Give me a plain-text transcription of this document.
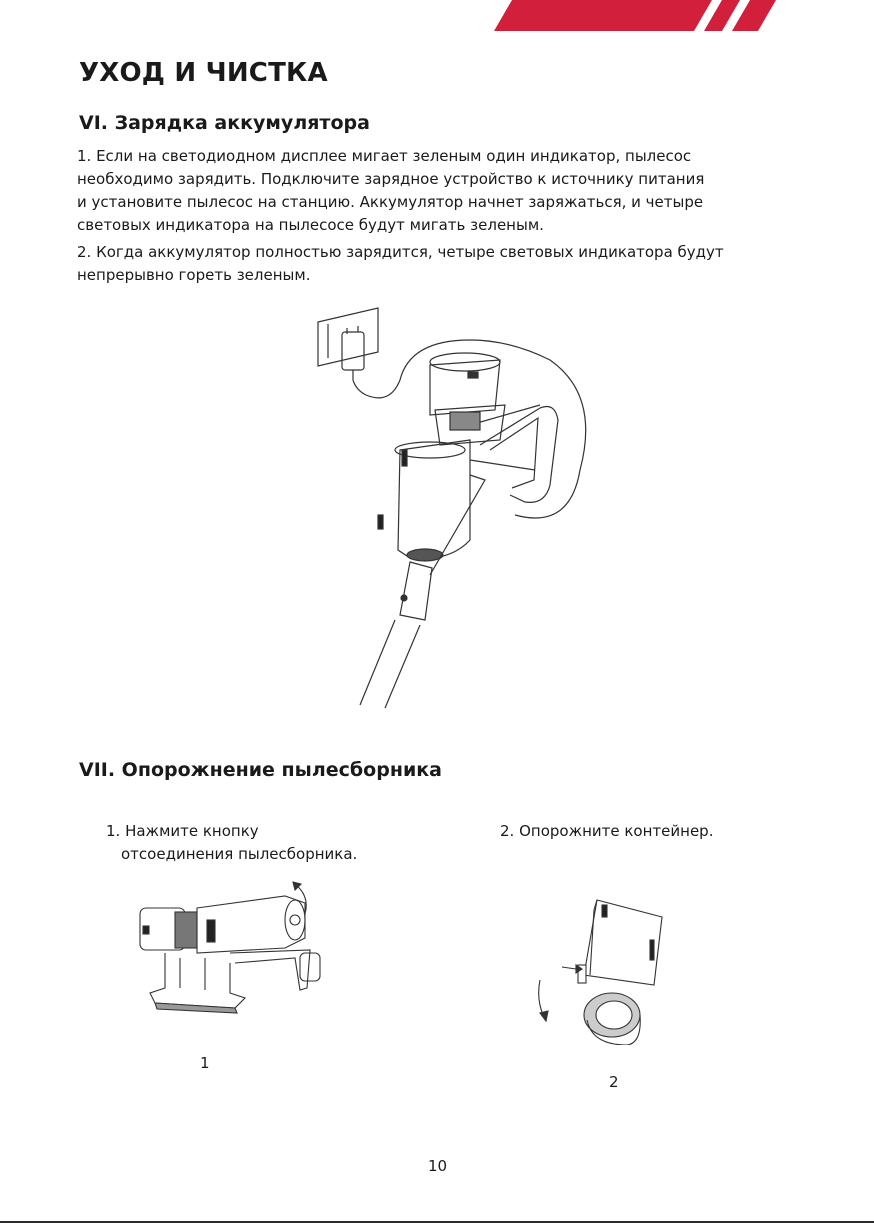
УХОД И ЧИСТКА
VI. Зарядка аккумулятора
1. Если на светодиодном дисплее мигает зеленым один индикатор, пылесос
необходимо зарядить. Подключите зарядное устройство к источнику питания
и установите пылесос на станцию. Аккумулятор начнет заряжаться, и четыре
световых индикатора на пылесосе будут мигать зеленым.
2. Когда аккумулятор полностью зарядится, четыре световых индикатора будут
непрерывно гореть зеленым.
VII. Опорожнение пылесборника
1. Нажмите кнопку
отсоединения пылесборника.
2. Опорожните контейнер.
1
2
10
